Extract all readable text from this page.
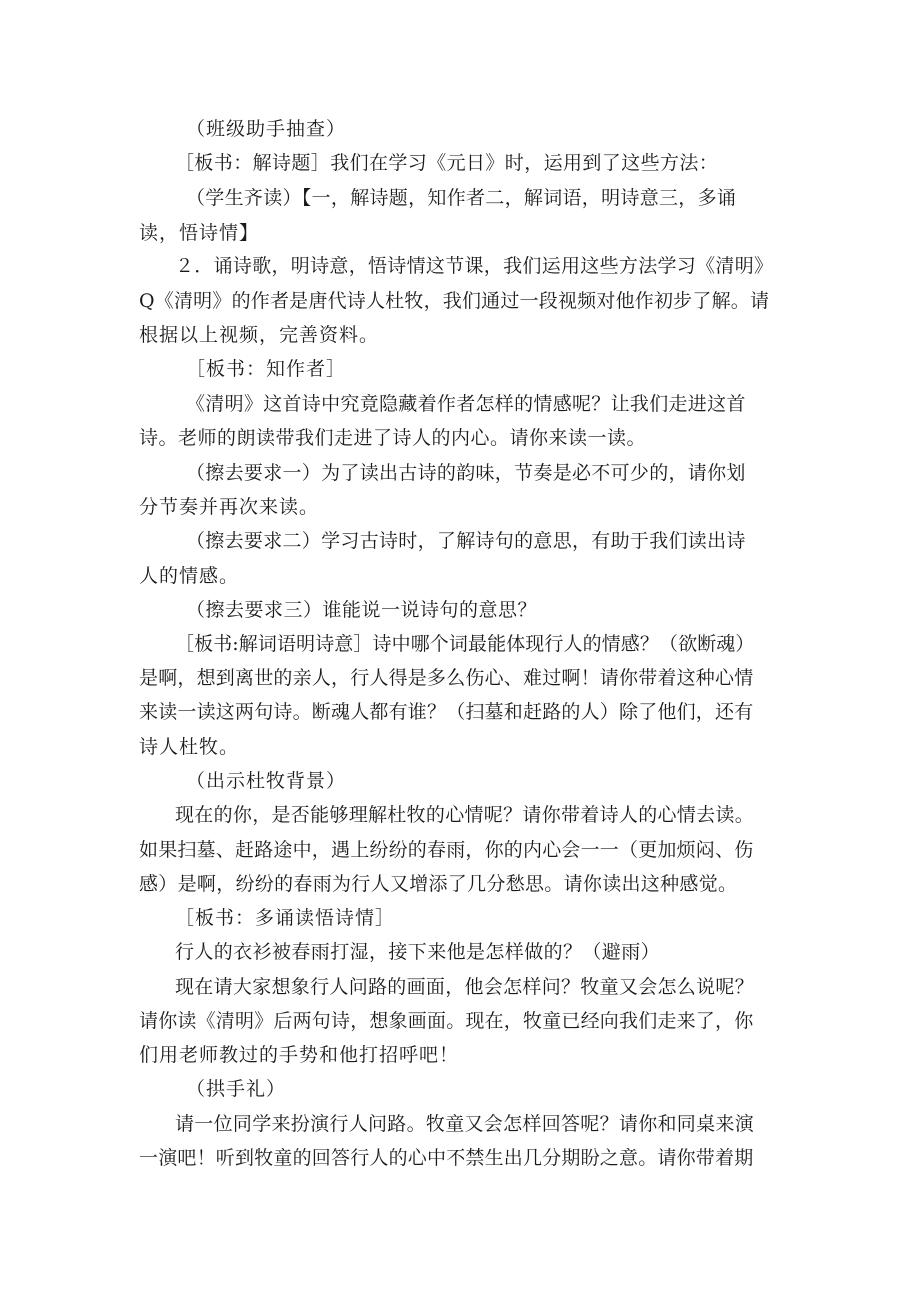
（班级助手抽查）
［板书：解诗题］我们在学习《元日》时，运用到了这些方法：
（学生齐读）【一，解诗题，知作者二，解词语，明诗意三，多诵
读，悟诗情】
２．诵诗歌，明诗意，悟诗情这节课，我们运用这些方法学习《清明》
Q《清明》的作者是唐代诗人杜牧，我们通过一段视频对他作初步了解。请
根据以上视频，完善资料。
［板书：知作者］
《清明》这首诗中究竟隐藏着作者怎样的情感呢？让我们走进这首
诗。老师的朗读带我们走进了诗人的内心。请你来读一读。
（擦去要求一）为了读出古诗的韵味，节奏是必不可少的，请你划
分节奏并再次来读。
（擦去要求二）学习古诗时，了解诗句的意思，有助于我们读出诗
人的情感。
（擦去要求三）谁能说一说诗句的意思？
［板书:解词语明诗意］诗中哪个词最能体现行人的情感？（欲断魂）
是啊，想到离世的亲人，行人得是多么伤心、难过啊！请你带着这种心情
来读一读这两句诗。断魂人都有谁？（扫墓和赶路的人）除了他们，还有
诗人杜牧。
（出示杜牧背景）
现在的你，是否能够理解杜牧的心情呢？请你带着诗人的心情去读。
如果扫墓、赶路途中，遇上纷纷的春雨，你的内心会一一（更加烦闷、伤
感）是啊，纷纷的春雨为行人又增添了几分愁思。请你读出这种感觉。
［板书：多诵读悟诗情］
行人的衣衫被春雨打湿，接下来他是怎样做的？（避雨）
现在请大家想象行人问路的画面，他会怎样问？牧童又会怎么说呢？
请你读《清明》后两句诗，想象画面。现在，牧童已经向我们走来了，你
们用老师教过的手势和他打招呼吧！
（拱手礼）
请一位同学来扮演行人问路。牧童又会怎样回答呢？请你和同桌来演
一演吧！听到牧童的回答行人的心中不禁生出几分期盼之意。请你带着期
